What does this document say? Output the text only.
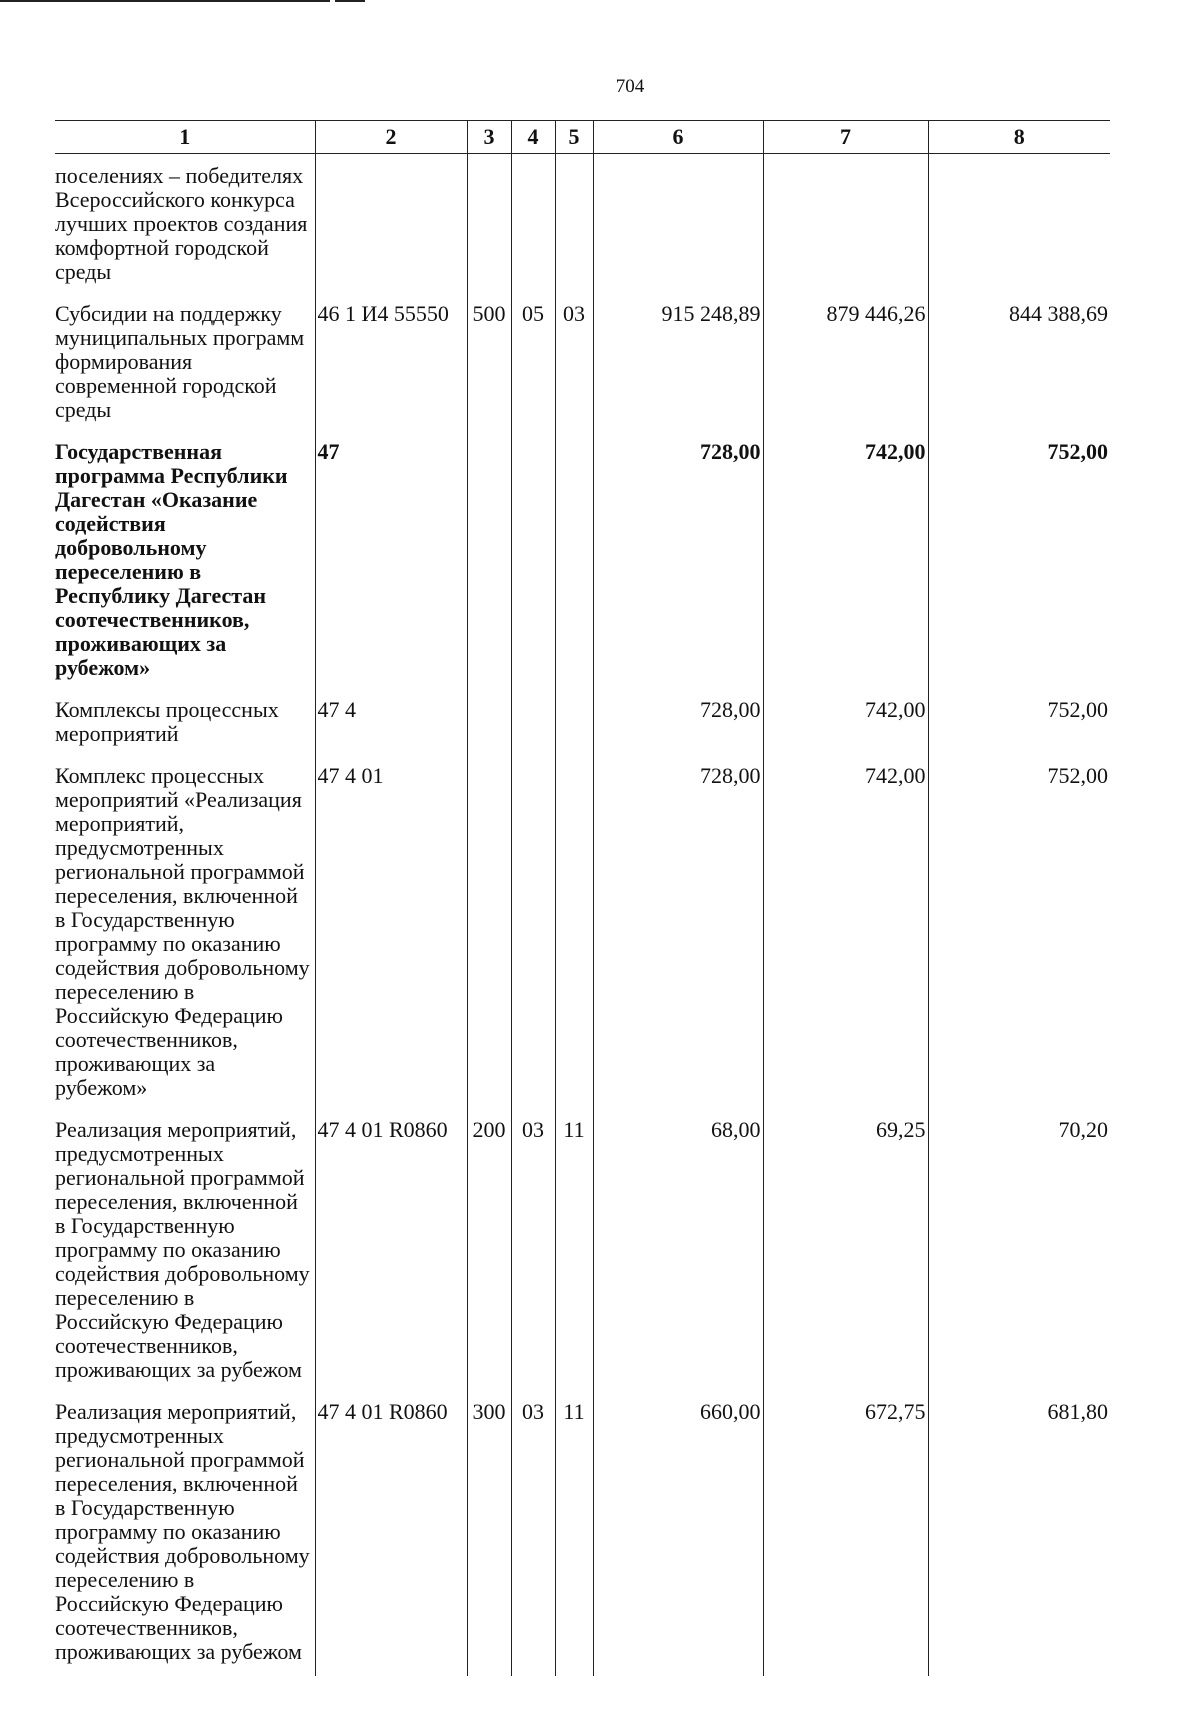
704
1	2	3	4	5	6	7	8
поселениях – победителях Всероссийского конкурса лучших проектов создания комфортной городской среды							
Субсидии на поддержку муниципальных программ формирования современной городской среды	46 1 И4 55550	500	05	03	915 248,89	879 446,26	844 388,69
Государственная программа Республики Дагестан «Оказание содействия добровольному переселению в Республику Дагестан соотечественников, проживающих за рубежом»	47				728,00	742,00	752,00
Комплексы процессных мероприятий	47 4				728,00	742,00	752,00
Комплекс процессных мероприятий «Реализация мероприятий, предусмотренных региональной программой переселения, включенной в Государственную программу по оказанию содействия добровольному переселению в Российскую Федерацию соотечественников, проживающих за рубежом»	47 4 01				728,00	742,00	752,00
Реализация мероприятий, предусмотренных региональной программой переселения, включенной в Государственную программу по оказанию содействия добровольному переселению в Российскую Федерацию соотечественников, проживающих за рубежом	47 4 01 R0860	200	03	11	68,00	69,25	70,20
Реализация мероприятий, предусмотренных региональной программой переселения, включенной в Государственную программу по оказанию содействия добровольному переселению в Российскую Федерацию соотечественников, проживающих за рубежом	47 4 01 R0860	300	03	11	660,00	672,75	681,80
